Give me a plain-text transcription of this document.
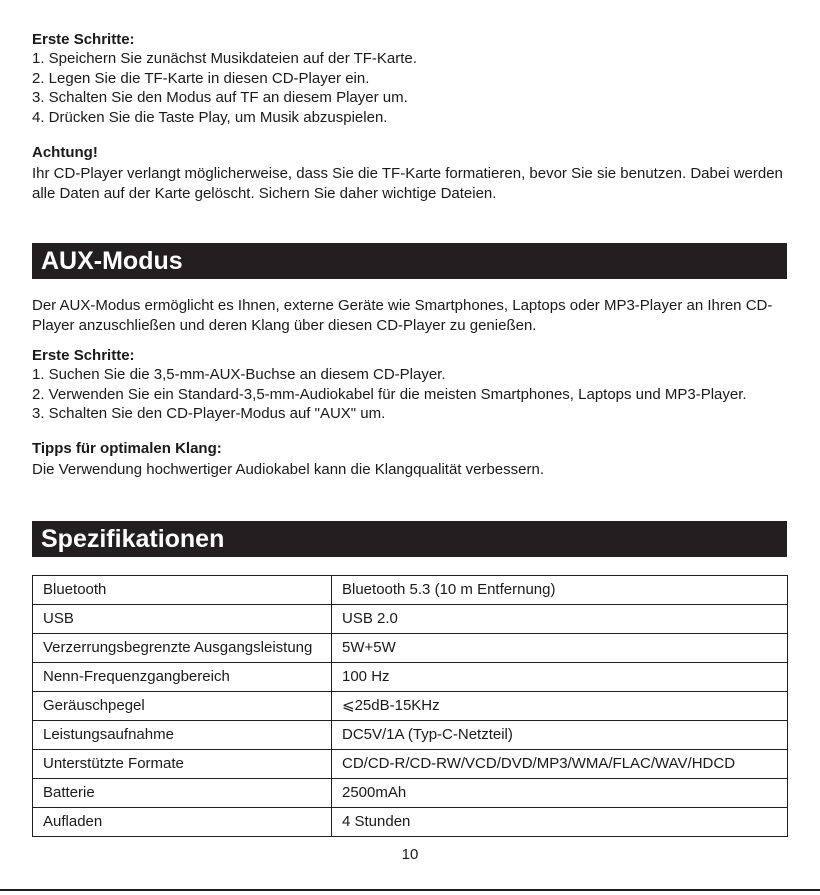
Erste Schritte:

1. Speichern Sie zunächst Musikdateien auf der TF-Karte.
2. Legen Sie die TF-Karte in diesen CD-Player ein.
3. Schalten Sie den Modus auf TF an diesem Player um.
4. Drücken Sie die Taste Play, um Musik abzuspielen.

Achtung!

Ihr CD-Player verlangt möglicherweise, dass Sie die TF-Karte formatieren, bevor Sie sie benutzen. Dabei werden alle Daten auf der Karte gelöscht. Sichern Sie daher wichtige Dateien.

AUX-Modus

Der AUX-Modus ermöglicht es Ihnen, externe Geräte wie Smartphones, Laptops oder MP3-Player an Ihren CD-Player anzuschließen und deren Klang über diesen CD-Player zu genießen.

Erste Schritte:

1. Suchen Sie die 3,5-mm-AUX-Buchse an diesem CD-Player.
2. Verwenden Sie ein Standard-3,5-mm-Audiokabel für die meisten Smartphones, Laptops und MP3-Player.
3. Schalten Sie den CD-Player-Modus auf "AUX" um.

Tipps für optimalen Klang:

Die Verwendung hochwertiger Audiokabel kann die Klangqualität verbessern.

Spezifikationen
Bluetooth	Bluetooth 5.3 (10 m Entfernung)
USB	USB 2.0
Verzerrungsbegrenzte Ausgangsleistung	5W+5W
Nenn-Frequenzgangbereich	100 Hz
Geräuschpegel	⩽25dB-15KHz
Leistungsaufnahme	DC5V/1A (Typ-C-Netzteil)
Unterstützte Formate	CD/CD-R/CD-RW/VCD/DVD/MP3/WMA/FLAC/WAV/HDCD
Batterie	2500mAh
Aufladen	4 Stunden
10
